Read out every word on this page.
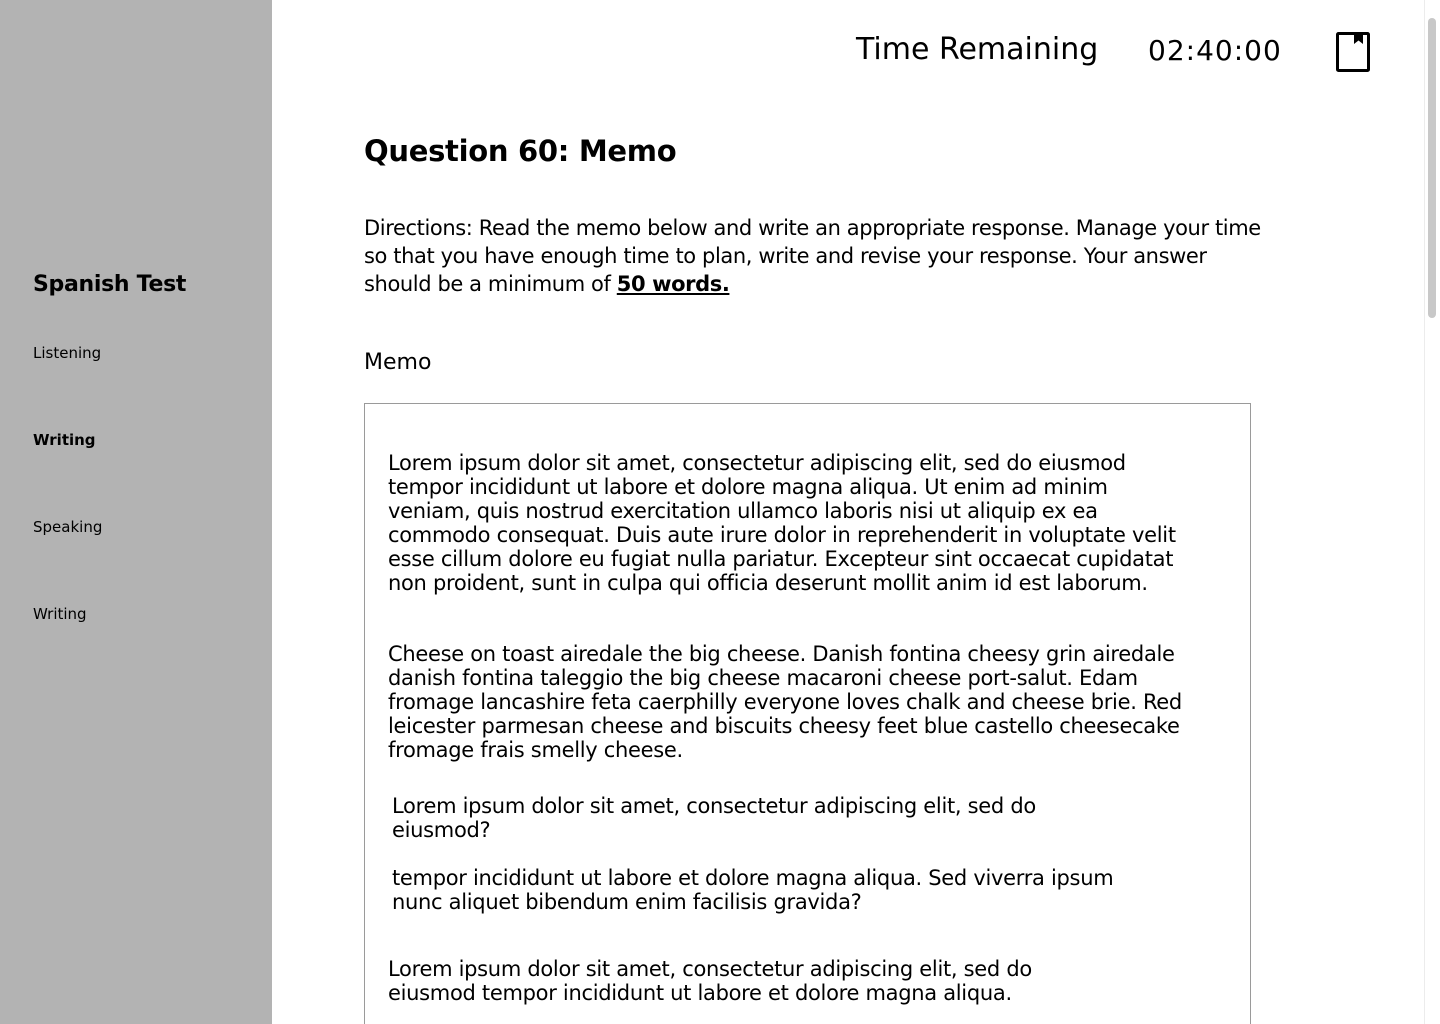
Spanish Test
Listening
Writing
Speaking
Writing
Time Remaining 02:40:00
Question 60: Memo
Directions: Read the memo below and write an appropriate response. Manage your time so that you have enough time to plan, write and revise your response. Your answer should be a minimum of 50 words.
Memo

Lorem ipsum dolor sit amet, consectetur adipiscing elit, sed do eiusmod tempor incididunt ut labore et dolore magna aliqua. Ut enim ad minim veniam, quis nostrud exercitation ullamco laboris nisi ut aliquip ex ea commodo consequat. Duis aute irure dolor in reprehenderit in voluptate velit esse cillum dolore eu fugiat nulla pariatur. Excepteur sint occaecat cupidatat non proident, sunt in culpa qui officia deserunt mollit anim id est laborum.

Cheese on toast airedale the big cheese. Danish fontina cheesy grin airedale danish fontina taleggio the big cheese macaroni cheese port-salut. Edam fromage lancashire feta caerphilly everyone loves chalk and cheese brie. Red leicester parmesan cheese and biscuits cheesy feet blue castello cheesecake fromage frais smelly cheese.

Lorem ipsum dolor sit amet, consectetur adipiscing elit, sed do eiusmod?

tempor incididunt ut labore et dolore magna aliqua. Sed viverra ipsum nunc aliquet bibendum enim facilisis gravida?

Lorem ipsum dolor sit amet, consectetur adipiscing elit, sed do eiusmod tempor incididunt ut labore et dolore magna aliqua.
